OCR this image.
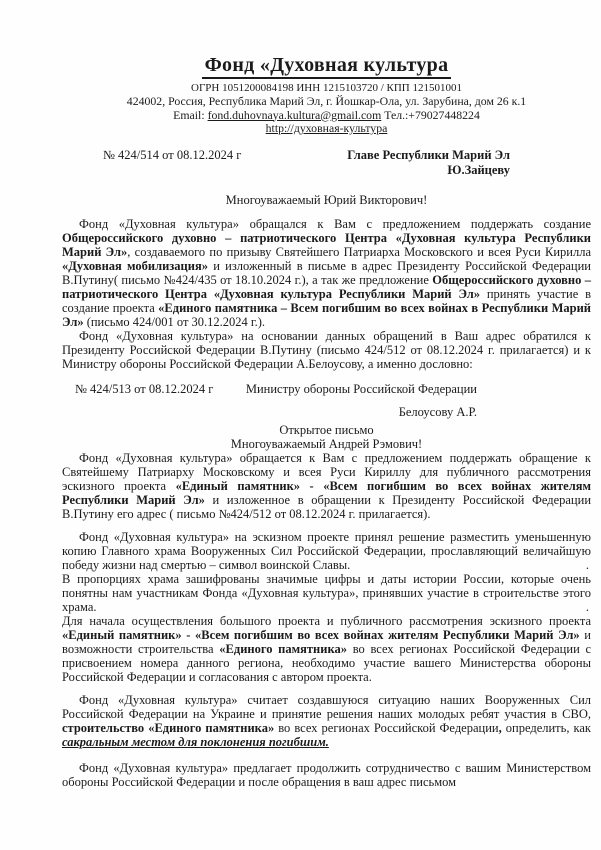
Фонд «Духовная культура
ОГРН 1051200084198 ИНН 1215103720 / КПП 121501001
424002, Россия, Республика Марий Эл, г. Йошкар-Ола, ул. Зарубина, дом 26 к.1
Email: fond.duhovnaya.kultura@gmail.com Тел.:+79027448224
http://духовная-культура
№ 424/514 от 08.12.2024 г	Главе Республики Марий Эл
Ю.Зайцеву
Многоуважаемый Юрий Викторович!

Фонд «Духовная культура» обращался к Вам с предложением поддержать создание Общероссийского духовно – патриотического Центра «Духовная культура Республики Марий Эл», создаваемого по призыву Святейшего Патриарха Московского и всея Руси Кирилла «Духовная мобилизация» и изложенный в письме в адрес Президенту Российской Федерации В.Путину( письмо №424/435 от 18.10.2024 г.), а так же предложение Общероссийского духовно – патриотического Центра «Духовная культура Республики Марий Эл» принять участие в создание проекта «Единого памятника – Всем погибшим во всех войнах в Республики Марий Эл» (письмо 424/001 от 30.12.2024 г.).

Фонд «Духовная культура» на основании данных обращений в Ваш адрес обратился к Президенту Российской Федерации В.Путину (письмо 424/512 от 08.12.2024 г. прилагается) и к Министру обороны Российской Федерации А.Белоусову, а именно дословно:

№ 424/513 от 08.12.2024 г	Министру обороны Российской Федерации
Белоусову А.Р.
Открытое письмо
Многоуважаемый Андрей Рэмович!

Фонд «Духовная культура» обращается к Вам с предложением поддержать обращение к Святейшему Патриарху Московскому и всея Руси Кириллу для публичного рассмотрения эскизного проекта «Единый памятник» - «Всем погибшим во всех войнах жителям Республики Марий Эл» и изложенное в обращении к Президенту Российской Федерации В.Путину его адрес ( письмо №424/512 от 08.12.2024 г. прилагается).

.
Фонд «Духовная культура» на эскизном проекте принял решение разместить уменьшенную копию Главного храма Вооруженных Сил Российской Федерации, прославляющий величайшую победу жизни над смертью – символ воинской Славы.

.
В пропорциях храма зашифрованы значимые цифры и даты истории России, которые очень понятны нам участникам Фонда «Духовная культура», принявших участие в строительстве этого храма.

Для начала осуществления большого проекта и публичного рассмотрения эскизного проекта «Единый памятник» - «Всем погибшим во всех войнах жителям Республики Марий Эл» и возможности строительства «Единого памятника» во всех регионах Российской Федерации с присвоением номера данного региона, необходимо участие вашего Министерства обороны Российской Федерации и согласования с автором проекта.

Фонд «Духовная культура» считает создавшуюся ситуацию наших Вооруженных Сил Российской Федерации на Украине и принятие решения наших молодых ребят участия в СВО, строительство «Единого памятника» во всех регионах Российской Федерации, определить, как сакральным местом для поклонения погибшим.

Фонд «Духовная культура» предлагает продолжить сотрудничество с вашим Министерством обороны Российской Федерации и после обращения в ваш адрес письмом
